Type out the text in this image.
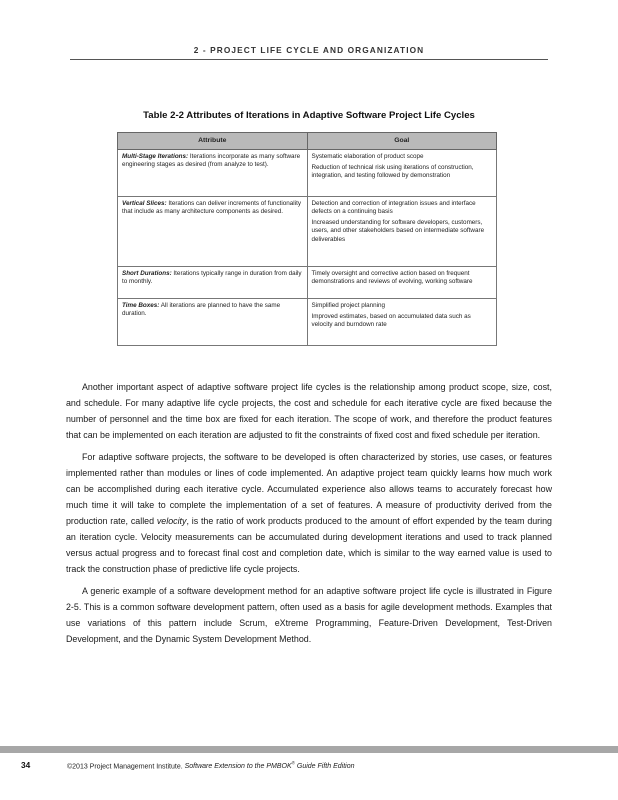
2 - PROJECT LIFE CYCLE AND ORGANIZATION
Table 2-2 Attributes of Iterations in Adaptive Software Project Life Cycles
Attribute	Goal
Multi-Stage Iterations: Iterations incorporate as many software engineering stages as desired (from analyze to test).	Systematic elaboration of product scope

Reduction of technical risk using iterations of construction, integration, and testing followed by demonstration

Vertical Slices: Iterations can deliver increments of functionality that include as many architecture components as desired.	Detection and correction of integration issues and interface defects on a continuing basis

Increased understanding for software developers, customers, users, and other stakeholders based on intermediate software deliverables

Short Durations: Iterations typically range in duration from daily to monthly.	Timely oversight and corrective action based on frequent demonstrations and reviews of evolving, working software

Time Boxes: All iterations are planned to have the same duration.	Simplified project planning

Improved estimates, based on accumulated data such as velocity and burndown rate

Another important aspect of adaptive software project life cycles is the relationship among product scope, size, cost, and schedule. For many adaptive life cycle projects, the cost and schedule for each iterative cycle are fixed because the number of personnel and the time box are fixed for each iteration. The scope of work, and therefore the product features that can be implemented on each iteration are adjusted to fit the constraints of fixed cost and fixed schedule per iteration.

For adaptive software projects, the software to be developed is often characterized by stories, use cases, or features implemented rather than modules or lines of code implemented. An adaptive project team quickly learns how much work can be accomplished during each iterative cycle. Accumulated experience also allows teams to accurately forecast how much time it will take to complete the implementation of a set of features. A measure of productivity derived from the production rate, called velocity, is the ratio of work products produced to the amount of effort expended by the team during an iteration cycle. Velocity measurements can be accumulated during development iterations and used to track planned versus actual progress and to forecast final cost and completion date, which is similar to the way earned value is used to track the construction phase of predictive life cycle projects.

A generic example of a software development method for an adaptive software project life cycle is illustrated in Figure 2-5. This is a common software development pattern, often used as a basis for agile development methods. Examples that use variations of this pattern include Scrum, eXtreme Programming, Feature-Driven Development, Test-Driven Development, and the Dynamic System Development Method.

34	©2013 Project Management Institute. Software Extension to the PMBOK® Guide Fifth Edition
